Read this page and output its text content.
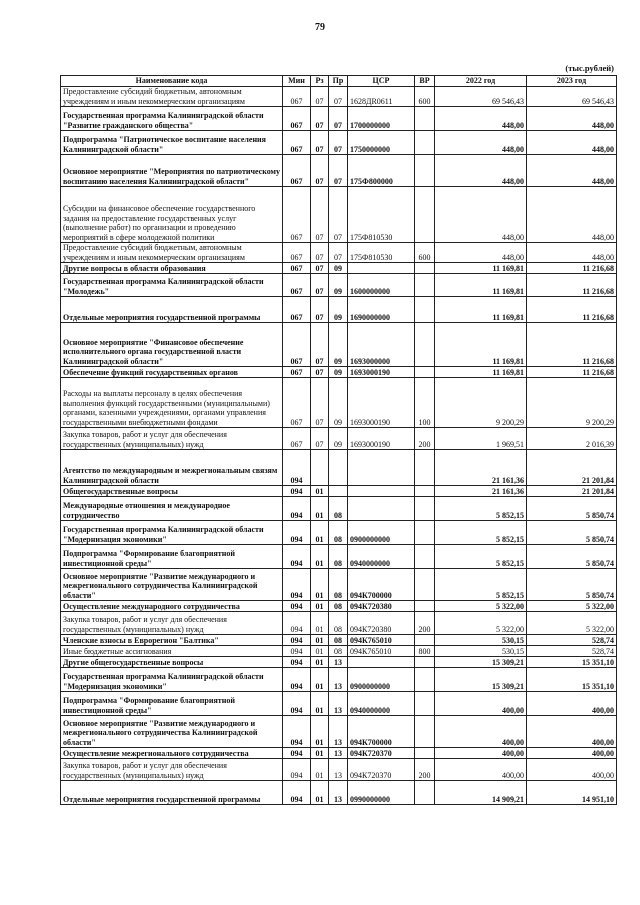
79
(тыс.рублей)
Наименование кода	Мин	Рз	Пр	ЦСР	ВР	2022 год	2023 год
Предоставление субсидий бюджетным, автономным учреждениям и иным некоммерческим организациям	067	07	07	1628ДR0611	600	69 546,43	69 546,43
Государственная программа Калининградской области "Развитие гражданского общества"	067	07	07	1700000000		448,00	448,00
Подпрограмма "Патриотическое воспитание населения Калининградской области"	067	07	07	1750000000		448,00	448,00
Основное мероприятие "Мероприятия по патриотическому воспитанию населения Калининградской области"	067	07	07	175Ф800000		448,00	448,00
Субсидии на финансовое обеспечение государственного задания на предоставление государственных услуг (выполнение работ) по организации и проведению мероприятий в сфере молодежной политики	067	07	07	175Ф810530		448,00	448,00
Предоставление субсидий бюджетным, автономным учреждениям и иным некоммерческим организациям	067	07	07	175Ф810530	600	448,00	448,00
Другие вопросы в области образования	067	07	09			11 169,81	11 216,68
Государственная программа Калининградской области "Молодежь"	067	07	09	1600000000		11 169,81	11 216,68
Отдельные мероприятия государственной программы	067	07	09	1690000000		11 169,81	11 216,68
Основное мероприятие "Финансовое обеспечение исполнительного органа государственной власти Калининградской области"	067	07	09	1693000000		11 169,81	11 216,68
Обеспечение функций государственных органов	067	07	09	1693000190		11 169,81	11 216,68
Расходы на выплаты персоналу в целях обеспечения выполнения функций государственными (муниципальными) органами, казенными учреждениями, органами управления государственными внебюджетными фондами	067	07	09	1693000190	100	9 200,29	9 200,29
Закупка товаров, работ и услуг для обеспечения государственных (муниципальных) нужд	067	07	09	1693000190	200	1 969,51	2 016,39
Агентство по международным и межрегиональным связям Калининградской области	094					21 161,36	21 201,84
Общегосударственные вопросы	094	01				21 161,36	21 201,84
Международные отношения и международное сотрудничество	094	01	08			5 852,15	5 850,74
Государственная программа Калининградской области "Модернизация экономики"	094	01	08	0900000000		5 852,15	5 850,74
Подпрограмма "Формирование благоприятной инвестиционной среды"	094	01	08	0940000000		5 852,15	5 850,74
Основное мероприятие "Развитие международного и межрегионального сотрудничества Калининградской области"	094	01	08	094К700000		5 852,15	5 850,74
Осуществление международного сотрудничества	094	01	08	094К720380		5 322,00	5 322,00
Закупка товаров, работ и услуг для обеспечения государственных (муниципальных) нужд	094	01	08	094К720380	200	5 322,00	5 322,00
Членские взносы в Еврорегион "Балтика"	094	01	08	094К765010		530,15	528,74
Иные бюджетные ассигнования	094	01	08	094К765010	800	530,15	528,74
Другие общегосударственные вопросы	094	01	13			15 309,21	15 351,10
Государственная программа Калининградской области "Модернизация экономики"	094	01	13	0900000000		15 309,21	15 351,10
Подпрограмма "Формирование благоприятной инвестиционной среды"	094	01	13	0940000000		400,00	400,00
Основное мероприятие "Развитие международного и межрегионального сотрудничества Калининградской области"	094	01	13	094К700000		400,00	400,00
Осуществление межрегионального сотрудничества	094	01	13	094К720370		400,00	400,00
Закупка товаров, работ и услуг для обеспечения государственных (муниципальных) нужд	094	01	13	094К720370	200	400,00	400,00
Отдельные мероприятия государственной программы	094	01	13	0990000000		14 909,21	14 951,10
